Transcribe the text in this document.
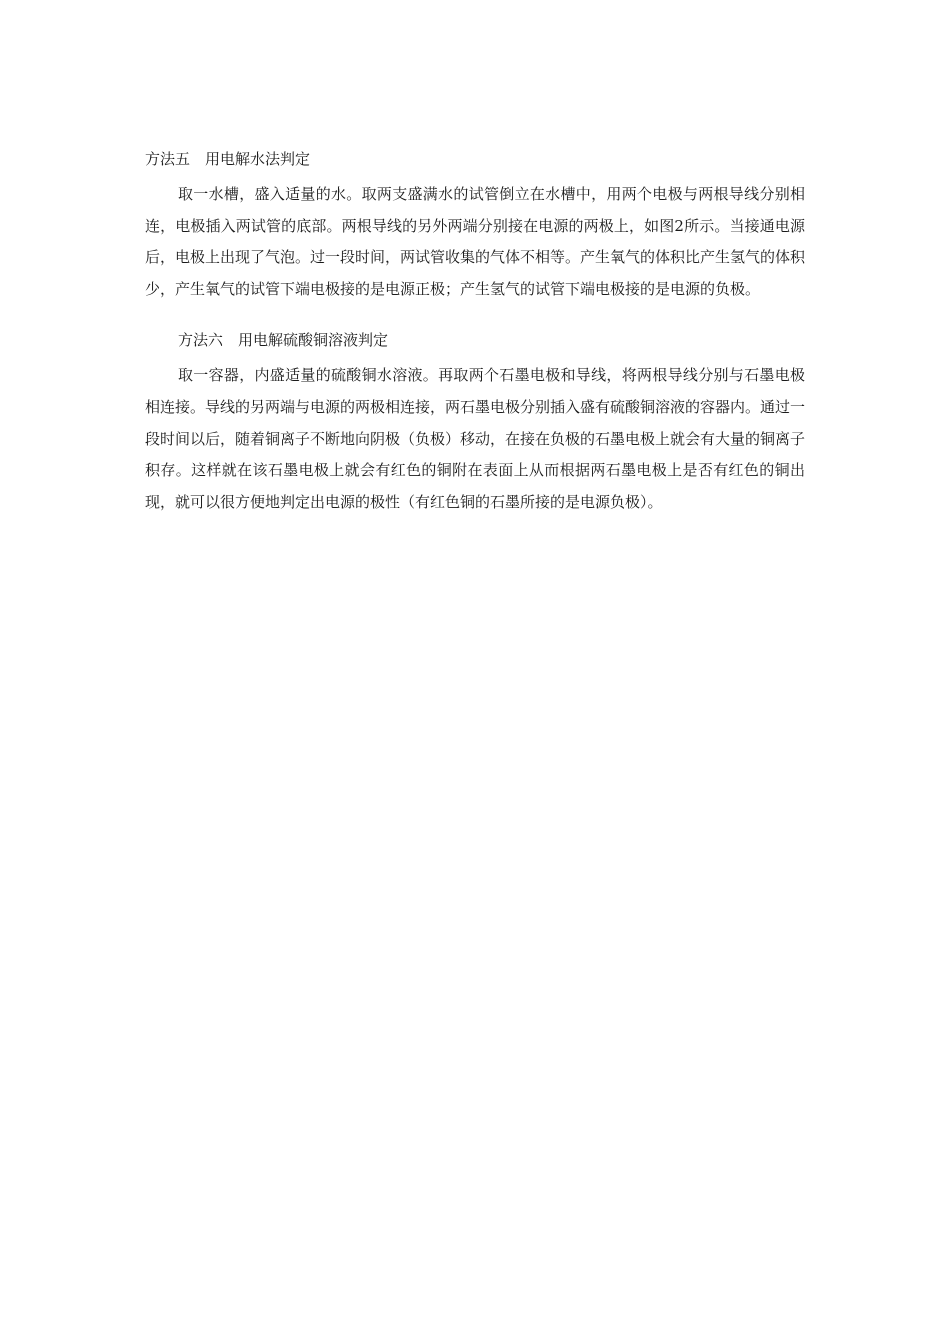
方法五　用电解水法判定

取一水槽，盛入适量的水。取两支盛满水的试管倒立在水槽中，用两个电极与两根导线分别相连，电极插入两试管的底部。两根导线的另外两端分别接在电源的两极上，如图2所示。当接通电源后，电极上出现了气泡。过一段时间，两试管收集的气体不相等。产生氧气的体积比产生氢气的体积少，产生氧气的试管下端电极接的是电源正极；产生氢气的试管下端电极接的是电源的负极。

方法六　用电解硫酸铜溶液判定

取一容器，内盛适量的硫酸铜水溶液。再取两个石墨电极和导线，将两根导线分别与石墨电极相连接。导线的另两端与电源的两极相连接，两石墨电极分别插入盛有硫酸铜溶液的容器内。通过一段时间以后，随着铜离子不断地向阴极（负极）移动，在接在负极的石墨电极上就会有大量的铜离子积存。这样就在该石墨电极上就会有红色的铜附在表面上从而根据两石墨电极上是否有红色的铜出现，就可以很方便地判定出电源的极性（有红色铜的石墨所接的是电源负极）。
